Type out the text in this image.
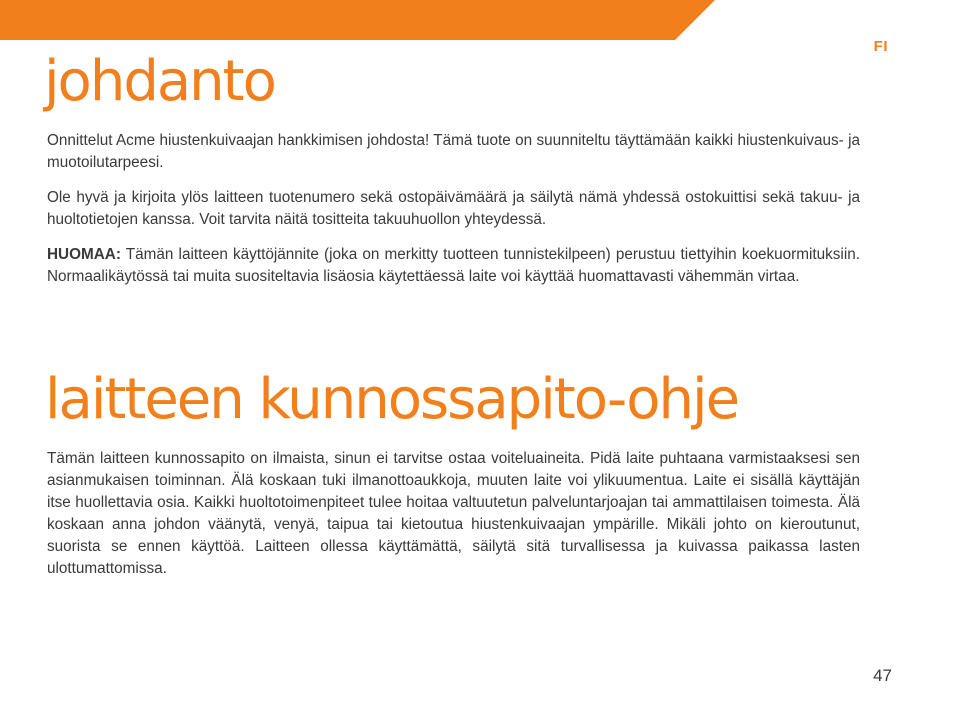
FI
johdanto

Onnittelut Acme hiustenkuivaajan hankkimisen johdosta! Tämä tuote on suunniteltu täyttämään kaikki hiustenkuivaus- ja muotoilutarpeesi.

Ole hyvä ja kirjoita ylös laitteen tuotenumero sekä ostopäivämäärä ja säilytä nämä yhdessä ostokuittisi sekä takuu- ja huoltotietojen kanssa. Voit tarvita näitä tositteita takuuhuollon yhteydessä.

HUOMAA: Tämän laitteen käyttöjännite (joka on merkitty tuotteen tunnistekilpeen) perustuu tiettyihin koekuormituksiin. Normaalikäytössä tai muita suositeltavia lisäosia käytettäessä laite voi käyttää huomattavasti vähemmän virtaa.

laitteen kunnossapito-ohje

Tämän laitteen kunnossapito on ilmaista, sinun ei tarvitse ostaa voiteluaineita. Pidä laite puhtaana varmistaaksesi sen asianmukaisen toiminnan. Älä koskaan tuki ilmanottoaukkoja, muuten laite voi ylikuumentua. Laite ei sisällä käyttäjän itse huollettavia osia. Kaikki huoltotoimenpiteet tulee hoitaa valtuutetun palveluntarjoajan tai ammattilaisen toimesta. Älä koskaan anna johdon väänytä, venyä, taipua tai kietoutua hiustenkuivaajan ympärille. Mikäli johto on kieroutunut, suorista se ennen käyttöä. Laitteen ollessa käyttämättä, säilytä sitä turvallisessa ja kuivassa paikassa lasten ulottumattomissa.

47
